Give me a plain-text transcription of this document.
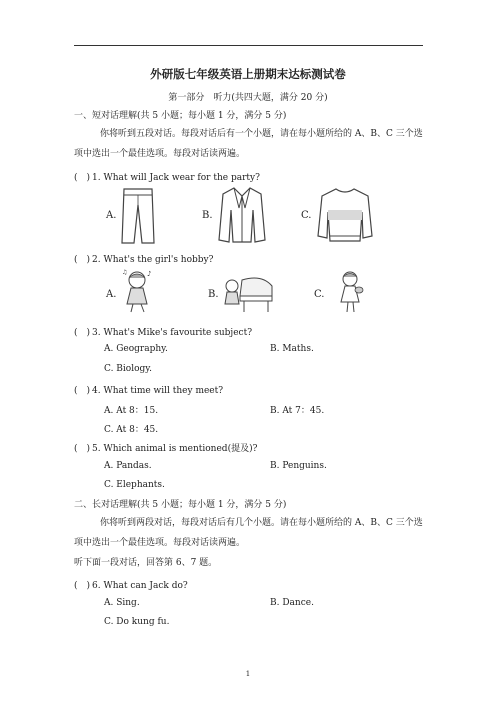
外研版七年级英语上册期末达标测试卷
第一部分　听力(共四大题，满分 20 分)
一、短对话理解(共 5 小题；每小题 1 分，满分 5 分)
你将听到五段对话。每段对话后有一个小题，请在每小题所给的 A、B、C 三个选项中选出一个最佳选项。每段对话读两遍。
(　) 1. What will Jack wear for the party?
A.	B.	C.
(　) 2. What's the girl's hobby?
A.
♪
♫
B.	C.
(　) 3. What's Mike's favourite subject?
A. Geography.	B. Maths.
C. Biology.
(　) 4. What time will they meet?
A. At 8：15.	B. At 7：45.
C. At 8：45.
(　) 5. Which animal is mentioned(提及)?
A. Pandas.	B. Penguins.
C. Elephants.
二、长对话理解(共 5 小题；每小题 1 分，满分 5 分)
你将听到两段对话，每段对话后有几个小题。请在每小题所给的 A、B、C 三个选项中选出一个最佳选项。每段对话读两遍。
听下面一段对话，回答第 6、7 题。
(　) 6. What can Jack do?
A. Sing.	B. Dance.
C. Do kung fu.
1
